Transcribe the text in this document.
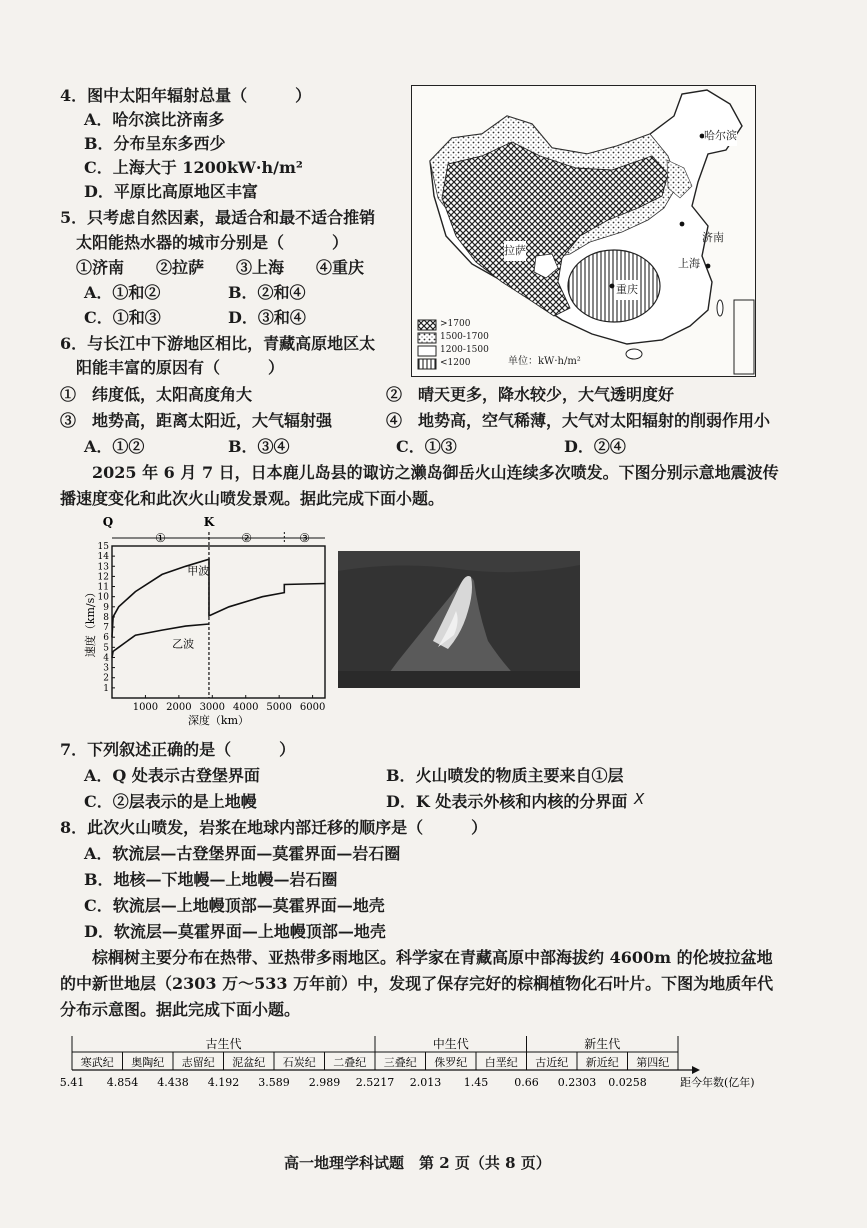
4．图中太阳年辐射总量（　　　）
A．哈尔滨比济南多
B．分布呈东多西少
C．上海大于 1200kW·h/m²
D．平原比高原地区丰富
5．只考虑自然因素，最适合和最不适合推销
太阳能热水器的城市分别是（　　　）
①济南　　②拉萨　　③上海　　④重庆
A．①和②	B．②和④
C．①和③	D．③和④
6．与长江中下游地区相比，青藏高原地区太
阳能丰富的原因有（　　　）
①　纬度低，太阳高度角大	②　晴天更多，降水较少，大气透明度好
③　地势高，距离太阳近，大气辐射强	④　地势高，空气稀薄，大气对太阳辐射的削弱作用小
A．①②	B．③④	C．①③	D．②④
哈尔滨
济南
拉萨
上海
重庆
>1700
1500-1700
1200-1500
<1200	单位：kW·h/m²
2025 年 6 月 7 日，日本鹿儿岛县的诹访之濑岛御岳火山连续多次喷发。下图分别示意地震波传
播速度变化和此次火山喷发景观。据此完成下面小题。
Q	K
①	②	③
1
2
3
4
5
6
7
8
9
10
11
12
13
14
15
1000 2000 3000 4000 5000 6000
深度（km）
速度（km/s）
甲波
乙波
7．下列叙述正确的是（　　　）
A．Q 处表示古登堡界面	B．火山喷发的物质主要来自①层
C．②层表示的是上地幔	D．K 处表示外核和内核的分界面 X
8．此次火山喷发，岩浆在地球内部迁移的顺序是（　　　）
A．软流层—古登堡界面—莫霍界面—岩石圈
B．地核—下地幔—上地幔—岩石圈
C．软流层—上地幔顶部—莫霍界面—地壳
D．软流层—莫霍界面—上地幔顶部—地壳
棕榈树主要分布在热带、亚热带多雨地区。科学家在青藏高原中部海拔约 4600m 的伦坡拉盆地
的中新世地层（2303 万～533 万年前）中，发现了保存完好的棕榈植物化石叶片。下图为地质年代
分布示意图。据此完成下面小题。
古生代	中生代	新生代
寒武纪 奥陶纪 志留纪 泥盆纪 石炭纪 二叠纪 三叠纪 侏罗纪 白垩纪 古近纪 新近纪 第四纪
5.41 4.854 4.438 4.192 3.589 2.989 2.5217 2.013 1.45 0.66 0.2303 0.0258	距今年数(亿年)
高一地理学科试题　第 2 页（共 8 页）
